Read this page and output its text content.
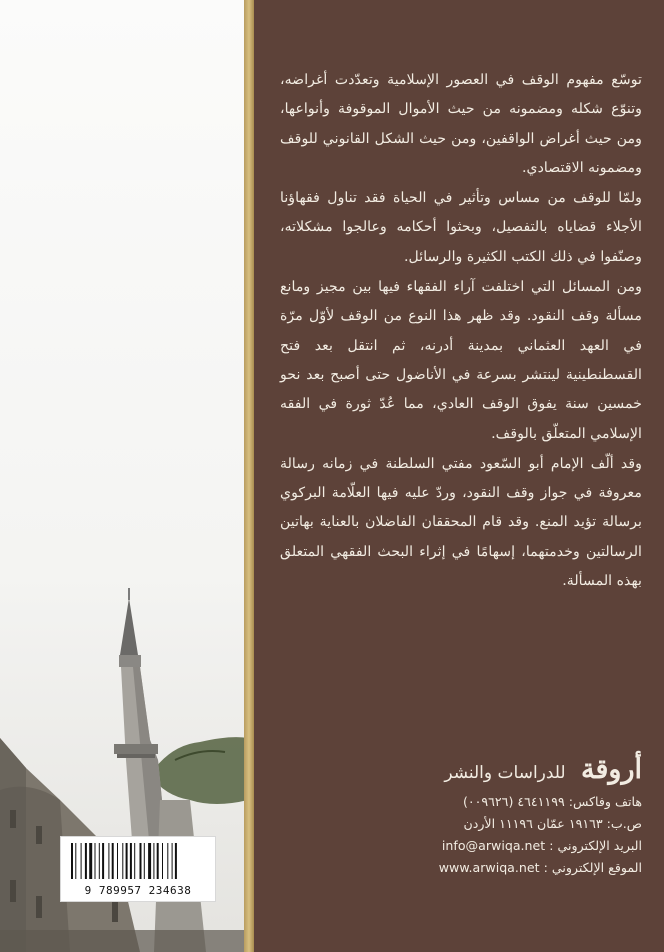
توسّع مفهوم الوقف في العصور الإسلامية وتعدّدت أغراضه، وتنوّع شكله ومضمونه من حيث الأموال الموقوفة وأنواعها، ومن حيث أغراض الواقفين، ومن حيث الشكل القانوني للوقف ومضمونه الاقتصادي.

ولمّا للوقف من مساس وتأثير في الحياة فقد تناول فقهاؤنا الأجلاء قضاياه بالتفصيل، وبحثوا أحكامه وعالجوا مشكلاته، وصنّفوا في ذلك الكتب الكثيرة والرسائل.

ومن المسائل التي اختلفت آراء الفقهاء فيها بين مجيز ومانع مسألة وقف النقود. وقد ظهر هذا النوع من الوقف لأوّل مرّة في العهد العثماني بمدينة أدرنه، ثم انتقل بعد فتح القسطنطينية لينتشر بسرعة في الأناضول حتى أصبح بعد نحو خمسين سنة يفوق الوقف العادي، مما عُدّ ثورة في الفقه الإسلامي المتعلّق بالوقف.

وقد ألّف الإمام أبو السّعود مفتي السلطنة في زمانه رسالة معروفة في جواز وقف النقود، وردّ عليه فيها العلّامة البركوي برسالة تؤيد المنع. وقد قام المحققان الفاضلان بالعناية بهاتين الرسالتين وخدمتهما، إسهامًا في إثراء البحث الفقهي المتعلق بهذه المسألة.

أروقة للدراسات والنشر
هاتف وفاكس: ٤٦٤١١٩٩ (٠٠٩٦٢٦)
ص.ب: ١٩١٦٣ عمّان ١١١٩٦ الأردن
البريد الإلكتروني : info@arwiqa.net
الموقع الإلكتروني : www.arwiqa.net
9 789957 234638
